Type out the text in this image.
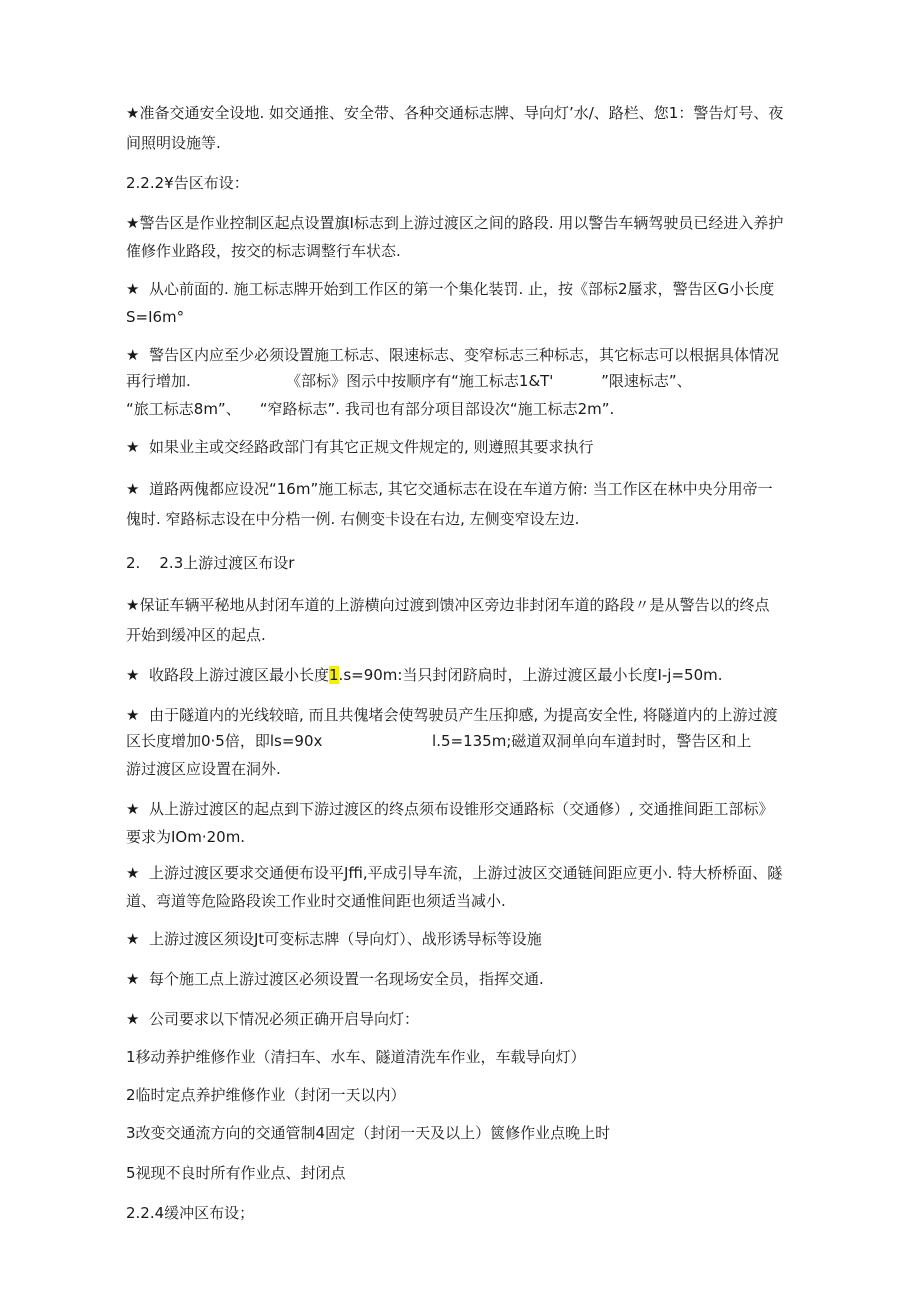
★准备交通安全设地. 如交通推、安全带、各种交通标志牌、导向灯’水/、路栏、您1：警告灯号、夜
间照明设施等.
2.2.2¥告区布设：
★警告区是作业控制区起点设置旗Ⅰ标志到上游过渡区之间的路段. 用以警告车辆驾驶员已经进入养护
傕修作业路段，按交的标志调整行车状态.
★  从心前面的. 施工标志牌开始到工作区的第一个集化装罚. 止，按《部标2蜃求，警告区G小长度
S=I6m°
★  警告区内应至少必须设置施工标志、限速标志、变窄标志三种标志，其它标志可以根据具体情况
再行增加.                    《部标》图示中按顺序有“施工标志1&T'          ”限速标志”、
“旅工标志8m”、    “窄路标志”. 我司也有部分项目部设次“施工标志2m”.
★  如果业主或交经路政部门有其它正规文件规定的, 则遵照其要求执行
★  道路两傀都应设况“16m”施工标志, 其它交通标志在设在车道方俯: 当工作区在林中央分用帝一
傀时. 窄路标志设在中分梏一例. 右侧变卡设在右边, 左侧变窄设左边.
2.    2.3上游过渡区布设r
★保证车辆平秘地从封闭车道的上游横向过渡到馈冲区旁边非封闭车道的路段〃是从警告以的终点
开始到缓冲区的起点.
★  收路段上游过渡区最小长度1.s=90m:当只封闭跻扃时，上游过渡区最小长度I-j=50m.
★  由于隧道内的光线较暗, 而且共傀堵会使驾驶员产生压抑感, 为提高安全性, 将隧道内的上游过渡
区长度增加0·5倍，即ls=90x                       l.5=135m;磁道双洞单向车道封时，警告区和上
游过渡区应设置在洞外.
★  从上游过渡区的起点到下游过渡区的终点须布设锥形交通路标（交通修）, 交通推间距工部标》
要求为IOm·20m.
★  上游过渡区要求交通便布设平Jffi,平成引导车流，上游过波区交通链间距应更小. 特大桥桥面、隧
道、弯道等危险路段诶工作业时交通惟间距也须适当减小.
★  上游过渡区须设Jt可变标志牌（导向灯）、战形诱导标等设施
★  每个施工点上游过渡区必须设置一名现场安全员，指挥交通.
★  公司要求以下情况必须正确开启导向灯：
1移动养护维修作业（清扫车、水车、隧道清洗车作业，车载导向灯）
2临时定点养护维修作业（封闭一天以内）
3改变交通流方向的交通管制4固定（封闭一天及以上）篋修作业点晚上时
5视现不良时所有作业点、封闭点
2.2.4缓冲区布设；
